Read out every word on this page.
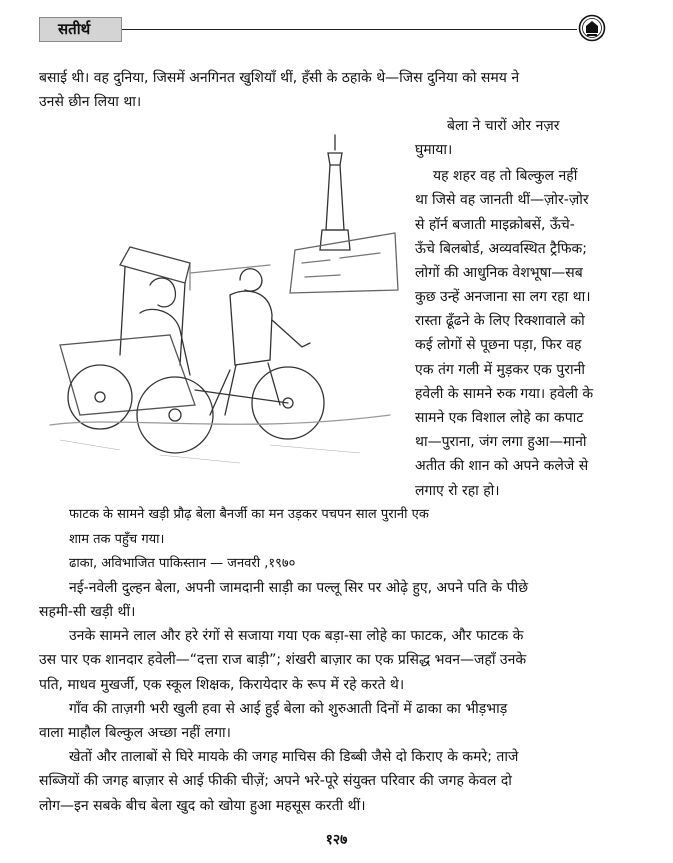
सतीर्थ
बसाई थी। वह दुनिया, जिसमें अनगिनत खुशियाँ थीं, हँसी के ठहाके थे—जिस दुनिया को समय ने
उनसे छीन लिया था।
बेला ने चारों ओर नज़र
घुमाया।
यह शहर वह तो बिल्कुल नहीं
था जिसे वह जानती थीं—ज़ोर-ज़ोर
से हॉर्न बजाती माइक्रोबसें, ऊँचे-
ऊँचे बिलबोर्ड, अव्यवस्थित ट्रैफिक;
लोगों की आधुनिक वेशभूषा—सब
कुछ उन्हें अनजाना सा लग रहा था।
रास्ता ढूँढने के लिए रिक्शावाले को
कई लोगों से पूछना पड़ा, फिर वह
एक तंग गली में मुड़कर एक पुरानी
हवेली के सामने रुक गया। हवेली के
सामने एक विशाल लोहे का कपाट
था—पुराना, जंग लगा हुआ—मानो
अतीत की शान को अपने कलेजे से
लगाए रो रहा हो।
फाटक के सामने खड़ी प्रौढ़ बेला बैनर्जी का मन उड़कर पचपन साल पुरानी एक
शाम तक पहुँच गया।
ढाका, अविभाजित पाकिस्तान — जनवरी ,१९७०
नई-नवेली दुल्हन बेला, अपनी जामदानी साड़ी का पल्लू सिर पर ओढ़े हुए, अपने पति के पीछे
सहमी-सी खड़ी थीं।
उनके सामने लाल और हरे रंगों से सजाया गया एक बड़ा-सा लोहे का फाटक, और फाटक के
उस पार एक शानदार हवेली—“दत्ता राज बाड़ी”; शंखरी बाज़ार का एक प्रसिद्ध भवन—जहाँ उनके
पति, माधव मुखर्जी, एक स्कूल शिक्षक, किरायेदार के रूप में रहे करते थे।
गाँव की ताज़गी भरी खुली हवा से आई हुई बेला को शुरुआती दिनों में ढाका का भीड़भाड़
वाला माहौल बिल्कुल अच्छा नहीं लगा।
खेतों और तालाबों से घिरे मायके की जगह माचिस की डिब्बी जैसे दो किराए के कमरे; ताजे
सब्जियों की जगह बाज़ार से आई फीकी चीज़ें; अपने भरे-पूरे संयुक्त परिवार की जगह केवल दो
लोग—इन सबके बीच बेला खुद को खोया हुआ महसूस करती थीं।
१२७
